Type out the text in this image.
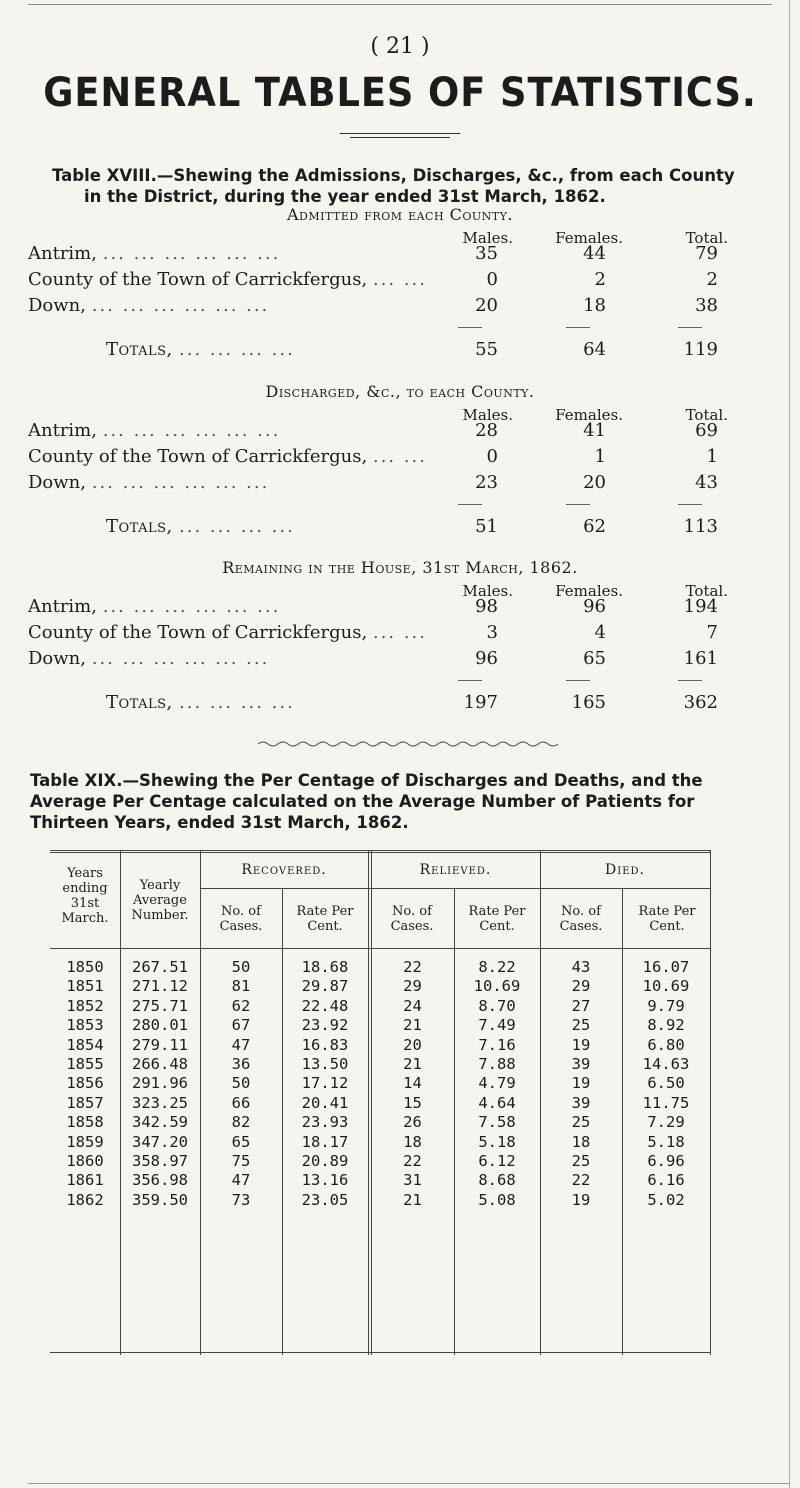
( 21 )
GENERAL TABLES OF STATISTICS.
Table XVIII.—Shewing the Admissions, Discharges, &c., from each County
in the District, during the year ended 31st March, 1862.
Admitted from each County.
Males.	Females.	Total.
Antrim, ... ... ... ... ... ...	35	44	79
County of the Town of Carrickfergus, ... ...	0	2	2
Down, ... ... ... ... ... ...	20	18	38
Totals, ... ... ... ...	55	64	119
Discharged, &c., to each County.
Males.	Females.	Total.
Antrim, ... ... ... ... ... ...	28	41	69
County of the Town of Carrickfergus, ... ...	0	1	1
Down, ... ... ... ... ... ...	23	20	43
Totals, ... ... ... ...	51	62	113
Remaining in the House, 31st March, 1862.
Males.	Females.	Total.
Antrim, ... ... ... ... ... ...	98	96	194
County of the Town of Carrickfergus, ... ...	3	4	7
Down, ... ... ... ... ... ...	96	65	161
Totals, ... ... ... ...	197	165	362
Table XIX.—Shewing the Per Centage of Discharges and Deaths, and the
Average Per Centage calculated on the Average Number of Patients for
Thirteen Years, ended 31st March, 1862.
Years ending 31st March.
Yearly Average Number.
Recovered.	Relieved.	Died.
No. of Cases.
Rate Per Cent.
No. of Cases.
Rate Per Cent.
No. of Cases.
Rate Per Cent.
1850	267.51	50	18.68	22	8.22	43	16.07
1851	271.12	81	29.87	29	10.69	29	10.69
1852	275.71	62	22.48	24	8.70	27	9.79
1853	280.01	67	23.92	21	7.49	25	8.92
1854	279.11	47	16.83	20	7.16	19	6.80
1855	266.48	36	13.50	21	7.88	39	14.63
1856	291.96	50	17.12	14	4.79	19	6.50
1857	323.25	66	20.41	15	4.64	39	11.75
1858	342.59	82	23.93	26	7.58	25	7.29
1859	347.20	65	18.17	18	5.18	18	5.18
1860	358.97	75	20.89	22	6.12	25	6.96
1861	356.98	47	13.16	31	8.68	22	6.16
1862	359.50	73	23.05	21	5.08	19	5.02
